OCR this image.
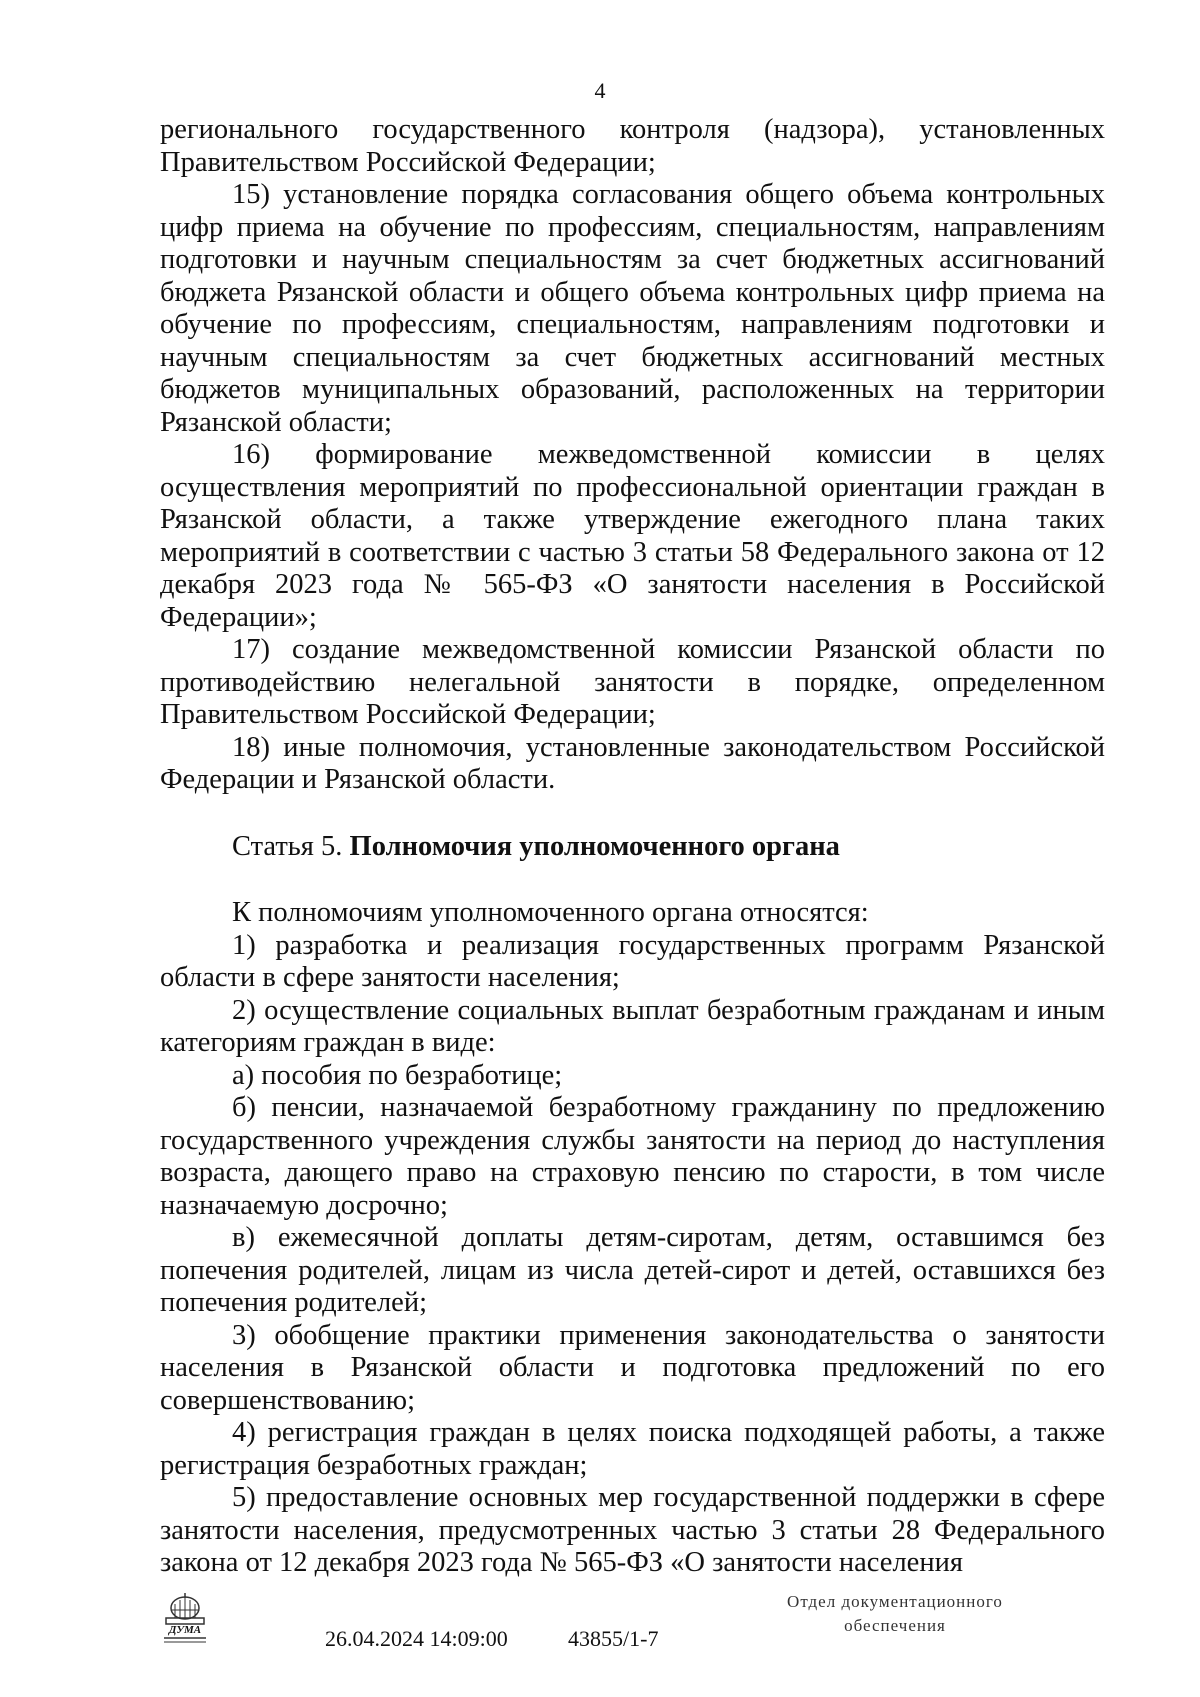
4

регионального государственного контроля (надзора), установленных Правительством Российской Федерации;

15) установление порядка согласования общего объема контрольных цифр приема на обучение по профессиям, специальностям, направлениям подготовки и научным специальностям за счет бюджетных ассигнований бюджета Рязанской области и общего объема контрольных цифр приема на обучение по профессиям, специальностям, направлениям подготовки и научным специальностям за счет бюджетных ассигнований местных бюджетов муниципальных образований, расположенных на территории Рязанской области;

16) формирование межведомственной комиссии в целях осуществления мероприятий по профессиональной ориентации граждан в Рязанской области, а также утверждение ежегодного плана таких мероприятий в соответствии с частью 3 статьи 58 Федерального закона от 12 декабря 2023 года № 565-ФЗ «О занятости населения в Российской Федерации»;

17) создание межведомственной комиссии Рязанской области по противодействию нелегальной занятости в порядке, определенном Правительством Российской Федерации;

18) иные полномочия, установленные законодательством Российской Федерации и Рязанской области.

Статья 5. Полномочия уполномоченного органа

К полномочиям уполномоченного органа относятся:

1) разработка и реализация государственных программ Рязанской области в сфере занятости населения;

2) осуществление социальных выплат безработным гражданам и иным категориям граждан в виде:

а) пособия по безработице;

б) пенсии, назначаемой безработному гражданину по предложению государственного учреждения службы занятости на период до наступления возраста, дающего право на страховую пенсию по старости, в том числе назначаемую досрочно;

в) ежемесячной доплаты детям-сиротам, детям, оставшимся без попечения родителей, лицам из числа детей-сирот и детей, оставшихся без попечения родителей;

3) обобщение практики применения законодательства о занятости населения в Рязанской области и подготовка предложений по его совершенствованию;

4) регистрация граждан в целях поиска подходящей работы, а также регистрация безработных граждан;

5) предоставление основных мер государственной поддержки в сфере занятости населения, предусмотренных частью 3 статьи 28 Федерального закона от 12 декабря 2023 года № 565-ФЗ «О занятости населения

ДУМА	26.04.2024 14:09:00	43855/1-7
Отдел документационного
обеспечения
